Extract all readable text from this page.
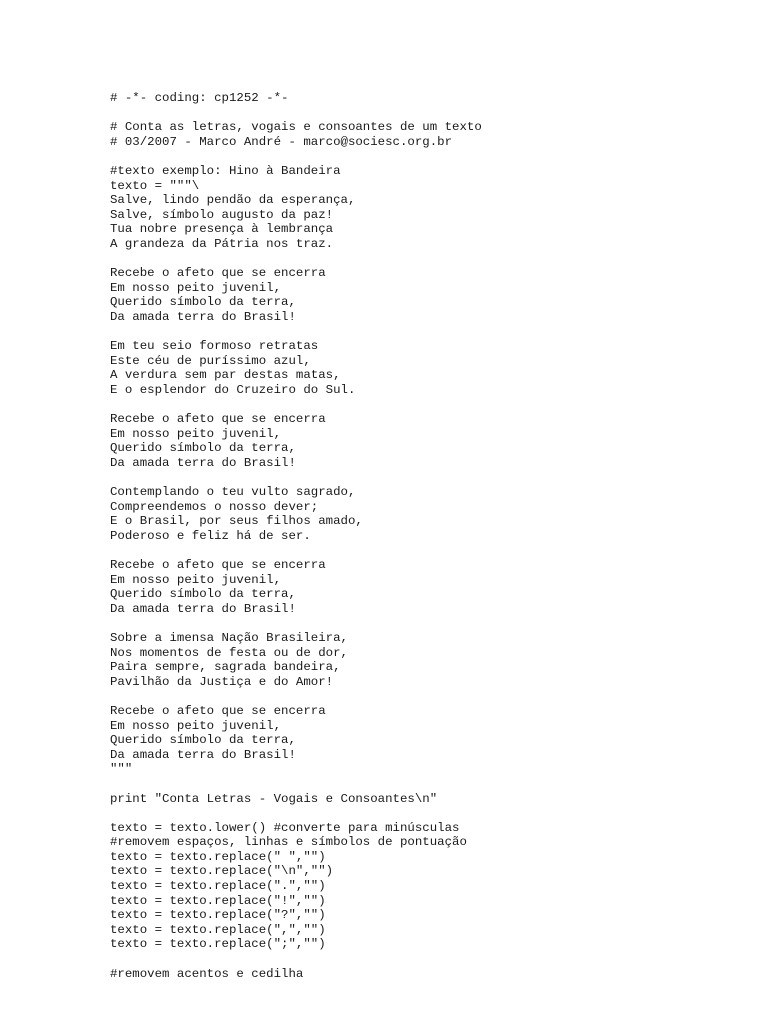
# -*- coding: cp1252 -*-
# Conta as letras, vogais e consoantes de um texto
# 03/2007 - Marco André - marco@sociesc.org.br
#texto exemplo: Hino à Bandeira
texto = """\
Salve, lindo pendão da esperança,
Salve, símbolo augusto da paz!
Tua nobre presença à lembrança
A grandeza da Pátria nos traz.
Recebe o afeto que se encerra
Em nosso peito juvenil,
Querido símbolo da terra,
Da amada terra do Brasil!
Em teu seio formoso retratas
Este céu de puríssimo azul,
A verdura sem par destas matas,
E o esplendor do Cruzeiro do Sul.
Recebe o afeto que se encerra
Em nosso peito juvenil,
Querido símbolo da terra,
Da amada terra do Brasil!
Contemplando o teu vulto sagrado,
Compreendemos o nosso dever;
E o Brasil, por seus filhos amado,
Poderoso e feliz há de ser.
Recebe o afeto que se encerra
Em nosso peito juvenil,
Querido símbolo da terra,
Da amada terra do Brasil!
Sobre a imensa Nação Brasileira,
Nos momentos de festa ou de dor,
Paira sempre, sagrada bandeira,
Pavilhão da Justiça e do Amor!
Recebe o afeto que se encerra
Em nosso peito juvenil,
Querido símbolo da terra,
Da amada terra do Brasil!
"""
print "Conta Letras - Vogais e Consoantes\n"
texto = texto.lower() #converte para minúsculas
#removem espaços, linhas e símbolos de pontuação
texto = texto.replace(" ","")
texto = texto.replace("\n","")
texto = texto.replace(".","")
texto = texto.replace("!","")
texto = texto.replace("?","")
texto = texto.replace(",","")
texto = texto.replace(";","")
#removem acentos e cedilha
